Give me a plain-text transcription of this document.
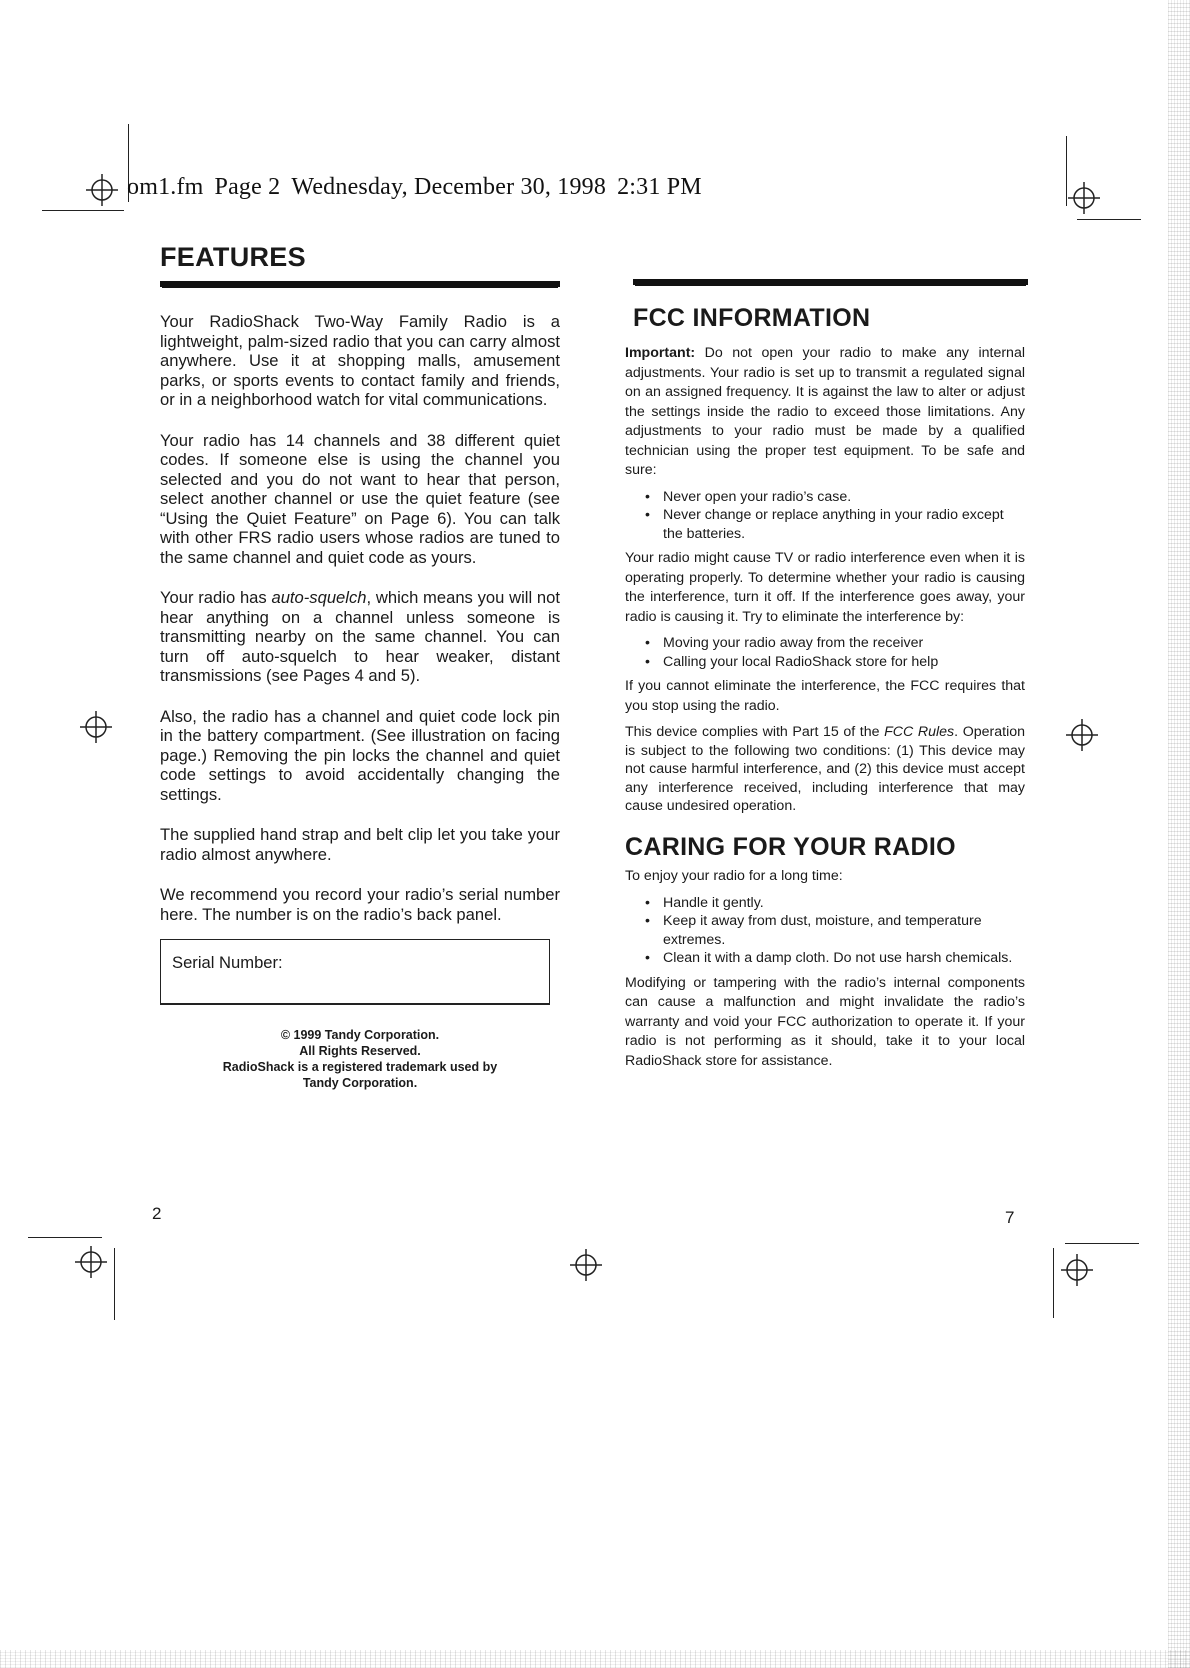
om1.fm Page 2 Wednesday, December 30, 1998 2:31 PM
FEATURES

Your RadioShack Two-Way Family Radio is a lightweight, palm-sized radio that you can carry almost anywhere. Use it at shopping malls, amusement parks, or sports events to contact family and friends, or in a neighborhood watch for vital communications.

Your radio has 14 channels and 38 different quiet codes. If someone else is using the channel you selected and you do not want to hear that person, select another channel or use the quiet feature (see “Using the Quiet Feature” on Page 6). You can talk with other FRS radio users whose radios are tuned to the same channel and quiet code as yours.

Your radio has auto-squelch, which means you will not hear anything on a channel unless someone is transmitting nearby on the same channel. You can turn off auto-squelch to hear weaker, distant transmissions (see Pages 4 and 5).

Also, the radio has a channel and quiet code lock pin in the battery compartment. (See illustration on facing page.) Removing the pin locks the channel and quiet code settings to avoid accidentally changing the settings.

The supplied hand strap and belt clip let you take your radio almost anywhere.

We recommend you record your radio’s serial number here. The number is on the radio’s back panel.

Serial Number:
© 1999 Tandy Corporation.
All Rights Reserved.
RadioShack is a registered trademark used by
Tandy Corporation.
2
FCC INFORMATION

Important: Do not open your radio to make any internal adjustments. Your radio is set up to transmit a regulated signal on an assigned frequency. It is against the law to alter or adjust the settings inside the radio to exceed those limitations. Any adjustments to your radio must be made by a qualified technician using the proper test equipment. To be safe and sure:

• Never open your radio’s case.
• Never change or replace anything in your radio except the batteries.

Your radio might cause TV or radio interference even when it is operating properly. To determine whether your radio is causing the interference, turn it off. If the interference goes away, your radio is causing it. Try to eliminate the interference by:

• Moving your radio away from the receiver
• Calling your local RadioShack store for help

If you cannot eliminate the interference, the FCC requires that you stop using the radio.

This device complies with Part 15 of the FCC Rules. Operation is subject to the following two conditions: (1) This device may not cause harmful interference, and (2) this device must accept any interference received, including interference that may cause undesired operation.

CARING FOR YOUR RADIO

To enjoy your radio for a long time:

• Handle it gently.
• Keep it away from dust, moisture, and temperature extremes.
• Clean it with a damp cloth. Do not use harsh chemicals.

Modifying or tampering with the radio’s internal components can cause a malfunction and might invalidate the radio’s warranty and void your FCC authorization to operate it. If your radio is not performing as it should, take it to your local RadioShack store for assistance.

7
